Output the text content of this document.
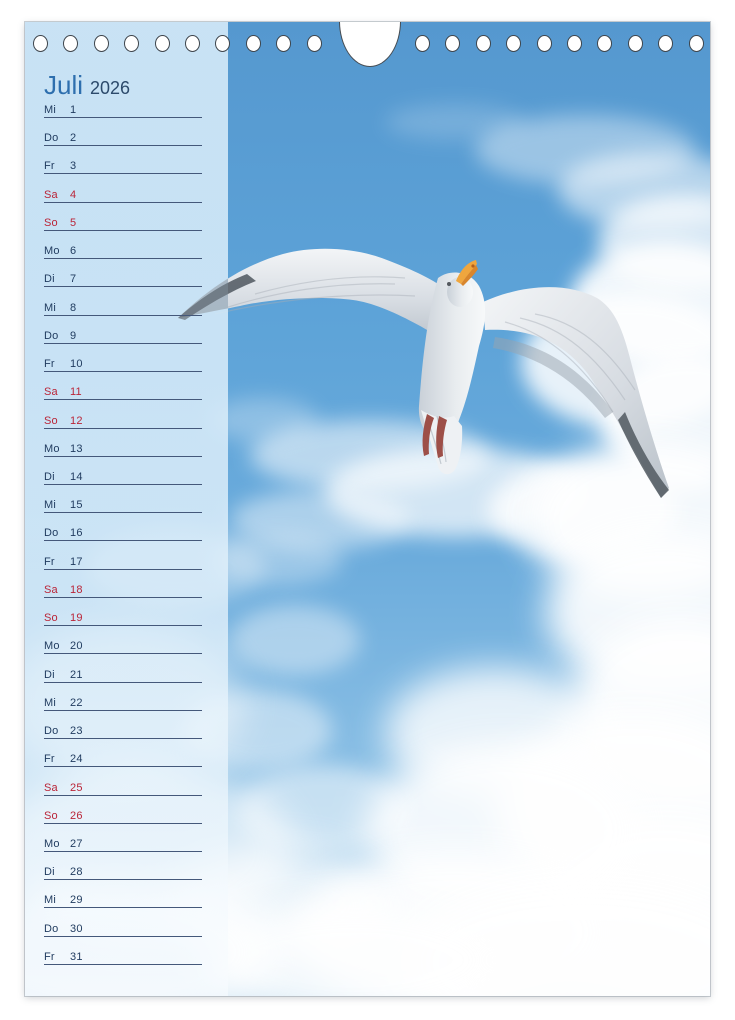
Juli 2026
Mi	1
Do	2
Fr	3
Sa	4
So	5
Mo 6
Di	7
Mi	8
Do	9
Fr	10
Sa	11
So	12
Mo 13
Di	14
Mi	15
Do	16
Fr	17
Sa	18
So	19
Mo 20
Di	21
Mi	22
Do	23
Fr	24
Sa	25
So	26
Mo 27
Di	28
Mi	29
Do	30
Fr	31
